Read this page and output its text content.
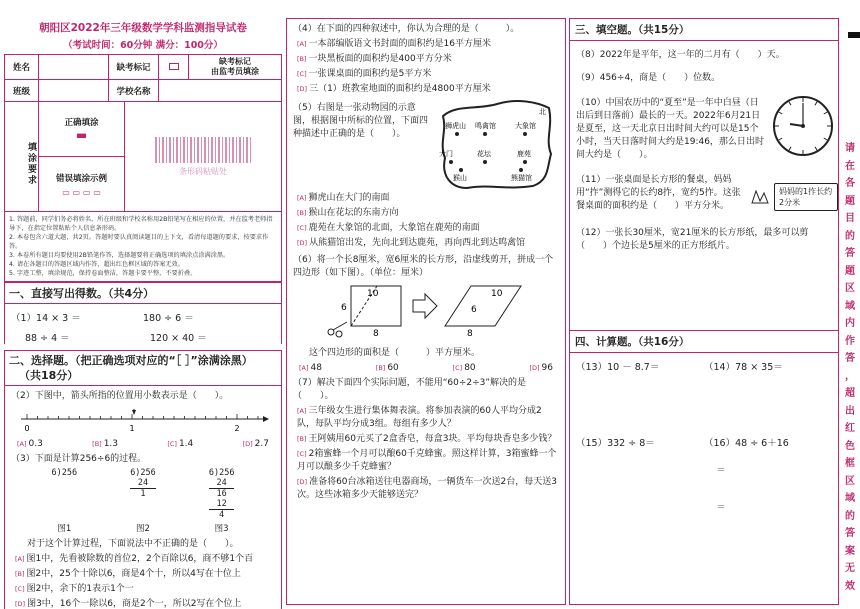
朝阳区2022年三年级数学学科监测指导试卷
（考试时间：60分钟 满分：100分）
姓名		缺考标记		缺考标记
由监考员填涂

班级		学校名称		
填涂要求
正确填涂
▬
错误填涂示例
▭ ▭ ▭ ▭
条形码粘贴处
1. 答题前，同学们务必将姓名、所在班级和学校名称用2B铅笔写在相应的位置，并在监考老师指导下，在指定位置粘贴个人信息条形码。
2. 本卷包含六道大题，共2页。答题时要认真阅读题目的上下文，看清每道题的要求，按要求作答。
3. 本卷所有题目均要使用2B铅笔作答，选择题要将正确选项的填涂点涂满涂黑。
4. 请在各题目的答题区域内作答，超出红色框区域的答案无效。
5. 字迹工整，填涂规范，保持卷面整洁，答题卡要平整，不要折叠。
一、直接写出得数。（共4分）
（1）14 × 3 ＝	180 ÷ 6 ＝
88 ÷ 4 ＝	120 × 40 ＝
二、选择题。（把正确选项对应的“［ ］”涂满涂黑）
（共18分）
（2）下图中，箭头所指的位置用小数表示是（　　）。
0	1	2
[A] 0.3	[B] 1.3	[C] 1.4	[D] 2.7
（3）下面是计算256÷6的过程。
6)256	6)256
24
1
6)256
24
16
12
4
图1	图2	图3
对于这个计算过程，下面说法中不正确的是（　　）。
[A] 图1中，先看被除数的首位2，2个百除以6，商不够1个百
[B] 图2中，25个十除以6，商是4个十，所以4写在十位上
[C] 图2中，余下的1表示1个一
[D] 图3中，16个一除以6，商是2个一，所以2写在个位上
（4）在下面的四种叙述中，你认为合理的是（　　　）。
[A] 一本部编版语文书封面的面积约是16平方厘米
[B] 一块黑板面的面积约是400平方分米
[C] 一张课桌面的面积约是5平方米
[D] 三（1）班教室地面的面积约是4800平方厘米
（5）右图是一张动物园的示意图，根据图中所标的位置，下面四种描述中正确的是（　　）。
北
狮虎山 鸣禽馆	大象馆
大门	花坛	鹿苑
猴山	熊猫馆
[A] 狮虎山在大门的南面
[B] 猴山在花坛的东南方向
[C] 鹿苑在大象馆的北面，大象馆在鹿苑的南面
[D] 从熊猫馆出发，先向北到达鹿苑，再向西北到达鸣禽馆
（6）将一个长8厘米，宽6厘米的长方形，沿虚线剪开，拼成一个四边形（如下图）。（单位：厘米）
10
6
8
10
6
8
这个四边形的面积是（　　　）平方厘米。
[A] 48	[B] 60	[C] 80	[D] 96
（7）解决下面四个实际问题，不能用“60÷2÷3”解决的是（　　）。
[A] 三年级女生进行集体舞表演。将参加表演的60人平均分成2队，每队平均分成3组。每组有多少人？
[B] 王阿姨用60元买了2盒香皂，每盒3块。平均每块香皂多少钱？
[C] 2箱蜜蜂一个月可以酿60千克蜂蜜。照这样计算，3箱蜜蜂一个月可以酿多少千克蜂蜜？
[D] 准备将60台冰箱送往电器商场，一辆货车一次送2台，每天送3次。这些冰箱多少天能够送完？
三、填空题。（共15分）
（8）2022年是平年，这一年的二月有（　　）天。
（9）456÷4，商是（　　）位数。
（10）中国农历中的“夏至”是一年中白昼（日出后到日落前）最长的一天。2022年6月21日是夏至，这一天北京日出时间大约可以是15个小时，当天日落时间大约是19:46，那么日出时间大约是（　　）。
（11）一张桌面是长方形的餐桌，妈妈用“拃”测得它的长约8拃，宽约5拃。这张餐桌面的面积约是（　　）平方分米。
妈妈的1拃长约2分米
（12）一张长30厘米，宽21厘米的长方形纸，最多可以剪（　　）个边长是5厘米的正方形纸片。
四、计算题。（共16分）
（13）10 － 8.7＝	（14）78 × 35＝
（15）332 ÷ 8＝	（16）48 ÷ 6＋16
＝
＝
请
在
各
题
目
的
答
题
区
域
内
作
答
，
超
出
红
色
框
区
域
的
答
案
无
效
